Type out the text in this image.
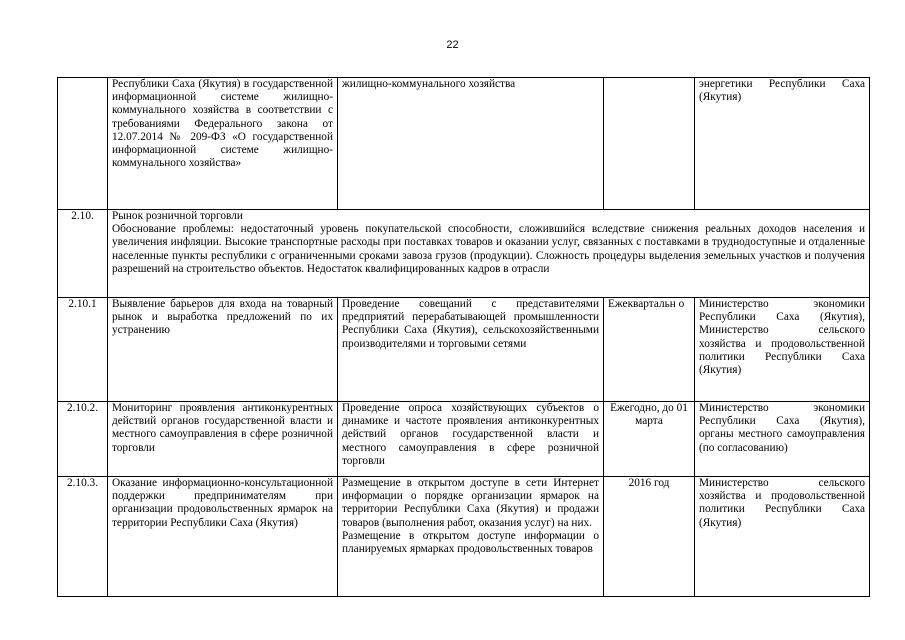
22
	Республики Саха (Якутия) в государственной информационной системе жилищно-коммунального хозяйства в соответствии с требованиями Федерального закона от 12.07.2014 № 209-ФЗ «О государственной информационной системе жилищно-коммунального хозяйства»	жилищно-коммунального хозяйства		энергетики Республики Саха (Якутия)
2.10.	Рынок розничной торговли
Обоснование проблемы: недостаточный уровень покупательской способности, сложившийся вследствие снижения реальных доходов населения и увеличения инфляции. Высокие транспортные расходы при поставках товаров и оказании услуг, связанных с поставками в труднодоступные и отдаленные населенные пункты республики с ограниченными сроками завоза грузов (продукции). Сложность процедуры выделения земельных участков и получения разрешений на строительство объектов. Недостаток квалифицированных кадров в отрасли			

2.10.1	Выявление барьеров для входа на товарный рынок и выработка предложений по их устранению	Проведение совещаний с представителями предприятий перерабатывающей промышленности Республики Саха (Якутия), сельскохозяйственными производителями и торговыми сетями	Ежеквартальн о	Министерство экономики Республики Саха (Якутия), Министерство сельского хозяйства и продовольственной политики Республики Саха (Якутия)
2.10.2.	Мониторинг проявления антиконкурентных действий органов государственной власти и местного самоуправления в сфере розничной торговли	Проведение опроса хозяйствующих субъектов о динамике и частоте проявления антиконкурентных действий органов государственной власти и местного самоуправления в сфере розничной торговли	Ежегодно, до 01 марта	Министерство экономики Республики Саха (Якутия), органы местного самоуправления (по согласованию)
2.10.3.	Оказание информационно-консультационной поддержки предпринимателям при организации продовольственных ярмарок на территории Республики Саха (Якутия)	Размещение в открытом доступе в сети Интернет информации о порядке организации ярмарок на территории Республики Саха (Якутия) и продажи товаров (выполнения работ, оказания услуг) на них.
Размещение в открытом доступе информации о планируемых ярмарках продовольственных товаров	2016 год	Министерство сельского хозяйства и продовольственной политики Республики Саха (Якутия)
